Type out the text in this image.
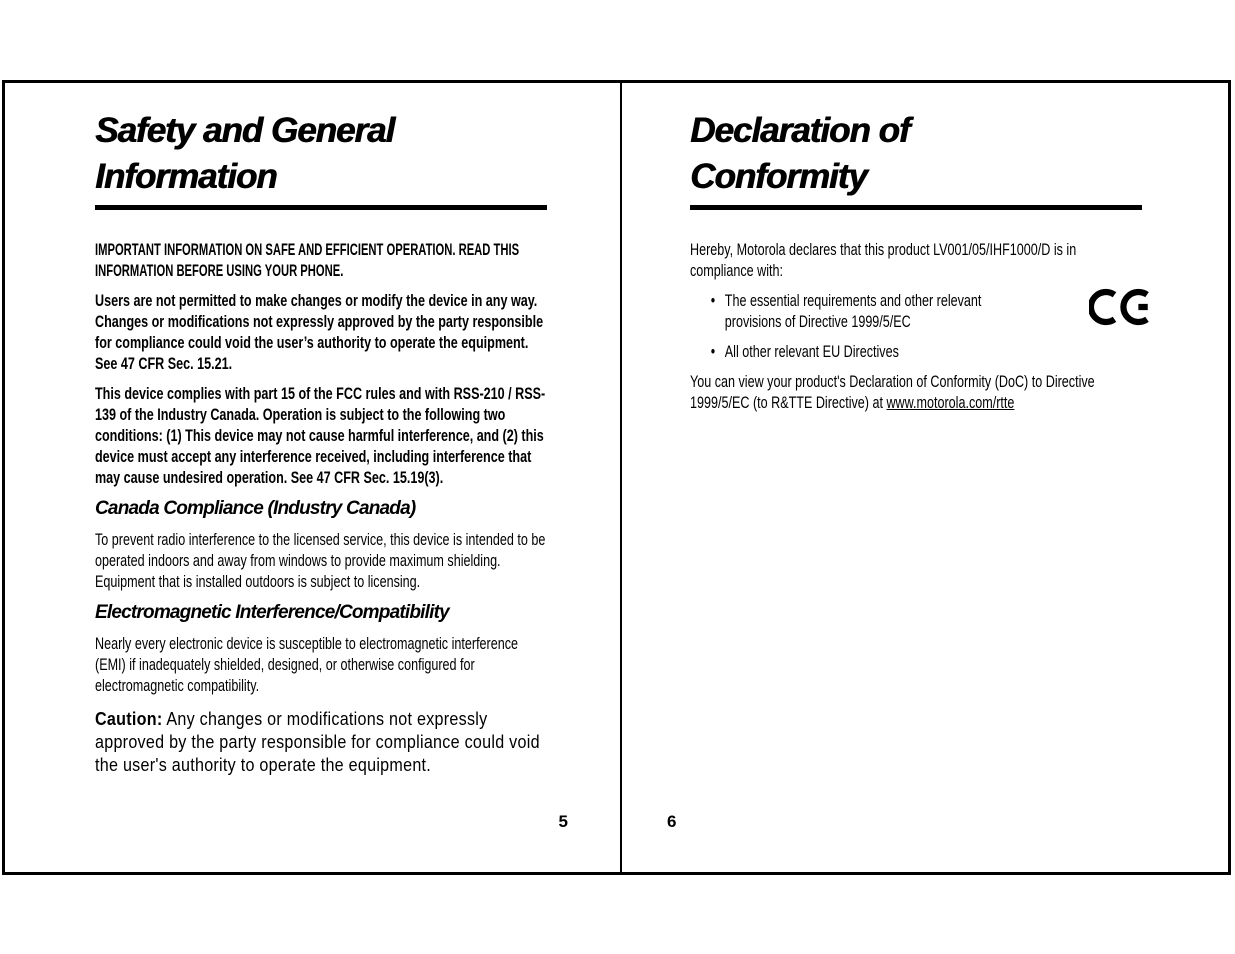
Safety and General
Information

IMPORTANT INFORMATION ON SAFE AND EFFICIENT OPERATION. READ THIS INFORMATION BEFORE USING YOUR PHONE.

Users are not permitted to make changes or modify the device in any way. Changes or modifications not expressly approved by the party responsible for compliance could void the user’s authority to operate the equipment. See 47 CFR Sec. 15.21.

This device complies with part 15 of the FCC rules and with RSS-210 / RSS-139 of the Industry Canada. Operation is subject to the following two conditions: (1) This device may not cause harmful interference, and (2) this device must accept any interference received, including interference that may cause undesired operation. See 47 CFR Sec. 15.19(3).

Canada Compliance (Industry Canada)

To prevent radio interference to the licensed service, this device is intended to be operated indoors and away from windows to provide maximum shielding. Equipment that is installed outdoors is subject to licensing.

Electromagnetic Interference/Compatibility

Nearly every electronic device is susceptible to electromagnetic interference (EMI) if inadequately shielded, designed, or otherwise configured for electromagnetic compatibility.

Caution: Any changes or modifications not expressly approved by the party responsible for compliance could void the user's authority to operate the equipment.

5
Declaration of
Conformity

Hereby, Motorola declares that this product LV001/05/IHF1000/D is in compliance with:

• The essential requirements and other relevant provisions of Directive 1999/5/EC
• All other relevant EU Directives

You can view your product's Declaration of Conformity (DoC) to Directive 1999/5/EC (to R&TTE Directive) at www.motorola.com/rtte

6
